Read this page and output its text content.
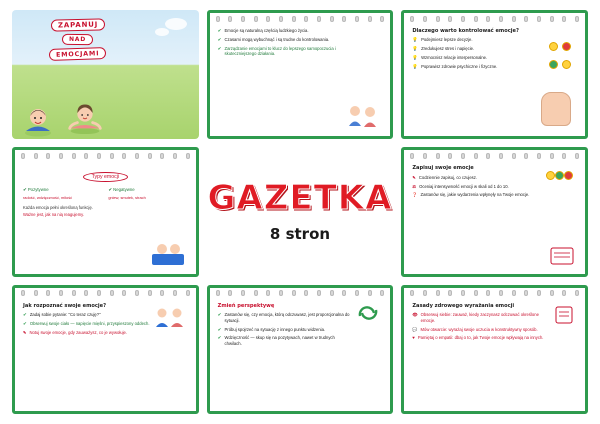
ZAPANUJ
NAD
EMOCJAMI
✔ Emocje są naturalną częścią ludzkiego życia.
✔ Czasami mogą wybuchnąć i są trudne do kontrolowania.
✔ Zarządzanie emocjami to klucz do lepszego samopoczucia i skuteczniejszego działania.
Dlaczego warto kontrolować emocje?
💡 Podejmiesz lepsze decyzje.
💡 Zredukujesz stres i napięcie.
💡 Wzmocnisz relacje interpersonalne.
💡 Poprawisz zdrowie psychiczne i fizyczne.

Typy emocji
✔ Pozytywne
radość, wdzięczność, miłość
✔ Negatywne
gniew, smutek, strach
Każda emocja pełni określoną funkcję.
Ważne jest, jak na nią reagujemy.	GAZETKA
8 stron
Zapisuj swoje emocje
✎ Codziennie zapisuj, co czujesz.
⚖ Oceniaj intensywność emocji w skali od 1 do 10.
❓ Zastanów się, jakie wydarzenia wpłynęły na Twoje emocje.
Jak rozpoznać swoje emocje?
✔ Zadaj sobie pytanie: "Co teraz czuję?"
✔ Obserwuj swoje ciało — napięcie mięśni, przyspieszony oddech.
✎ Notuj swoje emocje, gdy zauważysz, co je wywołuje.
Zmień perspektywę
✔ Zastanów się, czy emocja, którą odczuwasz, jest proporcjonalna do sytuacji.
✔ Próbuj spojrzeć na sytuację z innego punktu widzenia.
✔ Wdzięczność — skup się na pozytywach, nawet w trudnych chwilach.
Zasady zdrowego wyrażania emocji
👁 Obserwuj siebie: zauważ, kiedy zaczynasz odczuwać określone emocje.
💬 Mów otwarcie: wyrażaj swoje uczucia w konstruktywny sposób.
♥ Pamiętaj o empatii: dbaj o to, jak Twoje emocje wpływają na innych.
